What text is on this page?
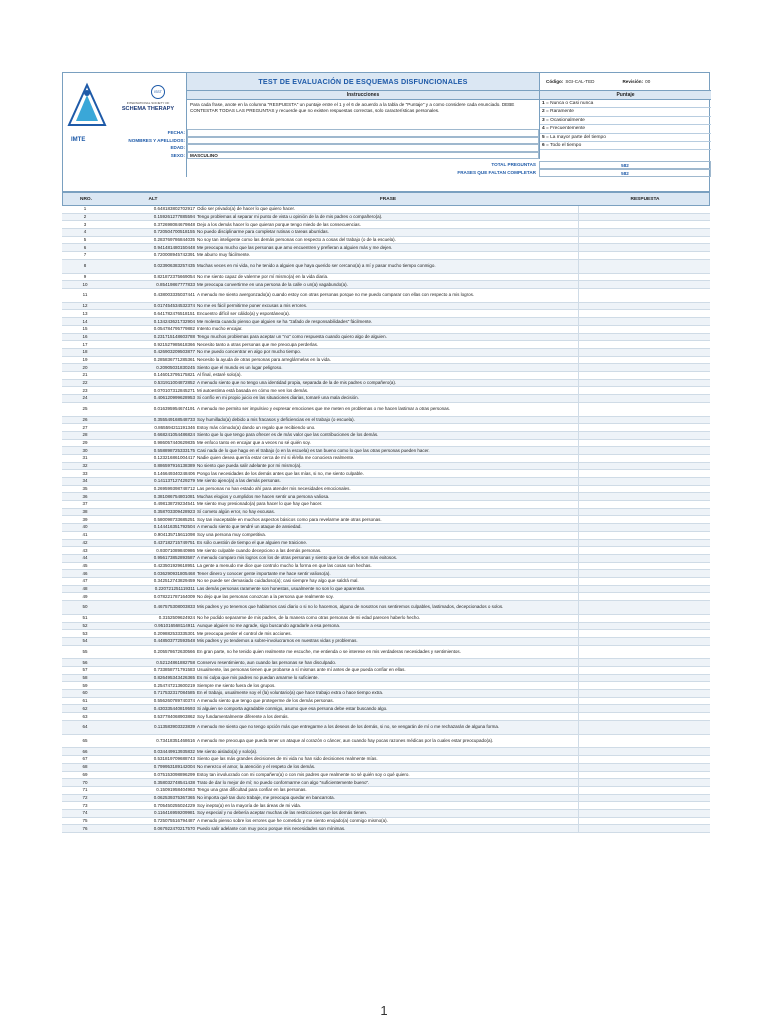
IMTE
ISST
INTERNATIONAL SOCIETY OF
SCHEMA THERAPY
TEST DE EVALUACIÓN DE ESQUEMAS DISFUNCIONALES	Código: SGI-CAL-TED	Revisión: 00
Instrucciones	Puntaje
Para cada frase, anote en la columna "RESPUESTA" un puntaje entre el 1 y el 6 de acuerdo a la tabla de "Puntaje" y a como considere cada enunciado. DEBE CONTESTAR TODAS LAS PREGUNTAS y recuerde que no existen respuestas correctas, solo características personales.
1 = Nunca o Casi nunca
2 = Raramente
3 = Ocasionalmente
4 = Frecuentemente
5 = La mayor parte del tiempo
6 = Todo el tiempo
FECHA:
NOMBRES Y APELLIDOS:
EDAD:
SEXO:	MASCULINO
TOTAL PREGUNTAS	582
FRASES QUE FALTAN COMPLETAR	582
NRO.	ALT	FRASE	RESPUESTA
1	0.648183802702917 Odio ser privado(a) de hacer lo que quiero hacer.
2	0.159261277885594 Tengo problemas al separar mi punto de vista u opinión de la de mis padres o compañero(a).
3	0.372698084679848 Dejo a los demás hacer lo que quieran porque tengo miedo de las consecuencias.
4	0.720504700518155 No puedo disciplinarme para completar rutinas o tareas aburridas.
5	0.283769786844035 No soy tan inteligente como las demás personas con respecto a cosas del trabajo (o de la escuela).
6	0.941481480150448 Me preocupa mucho que las personas que amo encuentren y prefieran a alguien más y me dejen.
7	0.720008945742391 Me aburro muy fácilmente.
8	0.023906383257435 Muchas veces en mi vida, no he tenido a alguien que haya querido ser cercano(a) a mí y pasar mucho tiempo conmigo.
9	0.821872375669054 No me siento capaz de valerme por mí mismo(a) en la vida diaria.
10	0.85419867777833 Me preocupa convertirme en una persona de la calle o un(a) vagabundo(a).
11	0.438003335037441 A menudo me siento avergonzado(a) cuando estoy con otras personas porque no me puedo comparar con ellas con respecto a mis logros.
12	0.017454534532374 No me es fácil permitirme poner excusas a mis errores.
13	0.641782476518151 Encuentro difícil ser cálido(a) y espontáneo(a).
14	0.134243621732904 Me molesta cuando pienso que alguien se ha "zafado de responsabilidades" fácilmente.
15	0.054784795779882 Intento mucho encajar.
16	0.231715148603788 Tengo muchos problemas para aceptar un "no" como respuesta cuando quiero algo de alguien.
17	0.921527985618366 Necesito tanto a otras personas que me preocupa perderlas.
18	0.426903209503877 No me puedo concentrar en algo por mucho tiempo.
19	0.285836771285361 Necesito la ayuda de otras personas para arreglármelas en la vida.
20	0.20905031830245 Siento que el mundo es un lugar peligroso.
21	0.146013795175821 Al final, estaré solo(a).
22	0.531911004872852 A menudo siento que no tengo una identidad propia, separada de la de mis padres o compañero(a).
23	0.070107312845271 Mi autoestima está basada en cómo me ven los demás.
24	0.406120999628953 Si confío en mi propio juicio en las situaciones diarias, tomaré una mala decisión.
25	0.016395954674191 A menudo me permito ser impulsivo y expresar emociones que me meten en problemas o me hacen lastimar a otras personas.
26	0.355549168548733 Soy humillado(a) debido a mis fracasos y deficiencias en el trabajo (o escuela).
27	0.865594211191346 Estoy más cómodo(a) dando un regalo que recibiendo uno.
28	0.668241054486824 Siento que lo que tengo para ofrecer es de más valor que las contribuciones de los demás.
29	0.986057440629835 Me enfoco tanto en encajar que a veces no sé quién soy.
30	0.558898725333175 Casi nada de lo que hago en el trabajo (o en la escuela) es tan bueno como lo que las otras personas pueden hacer.
31	0.123216861004417 Nadie quien desea querría estar cerca de mí si él/ella me conociera realmente.
32	0.886597916138389 No siento que pueda salir adelante por mi mismo(a).
33	0.146649340248406 Pongo las necesidades de los demás antes que las mías, si no, me siento culpable.
34	0.141137127429279 Me siento ajeno(a) a las demás personas.
35	0.269599398748712 Las personas no han estado ahí para atender mis necesidades emocionales.
36	0.381086754801081 Muchas elogios y cumplidos me hacen sentir una persona valiosa.
37	0.498138729234541 Me siento muy presionado(a) para hacer lo que hay que hacer.
38	0.358703309428923 Sí cometo algún error, no hay excusas.
39	0.580098733685251 Soy tan inaceptable en muchos aspectos básicos como para revelarme ante otras personas.
40	0.144416351792504 A menudo siento que tendré un ataque de ansiedad.
41	0.904135715611098 Soy una persona muy competitiva.
42	0.437182715749751 Es sólo cuestión de tiempo el que alguien me traicione.
43	0.93071089840986 Me siento culpable cuando decepciono a las demás personas.
44	0.956173852893587 A menudo comparo mis logros con los de otras personas y siento que los de ellos son más exitosos.
45	0.423501929618951 La gente a menudo me dice que controlo mucho la forma en que las cosas son hechas.
46	0.036290931805468 Tener dinero y conocer gente importante me hace sentir valioso(a).
47	0.342512743829459 No se puede ser demasiado cuidadoso(a); casi siempre hay algo que saldrá mal.
48	0.220721251119311 Las demás personas raramente son honestas, usualmente no son lo que aparentan.
49	0.078221787164009 No dejo que las personas conozcan a la persona que realmente soy.
50	0.467575308003833 Mis padres y yo tenemos que hablarnos casi diario o si no lo hacemos, alguno de nosotros nos sentiremos culpables, lastimados, decepcionados o solos.
51	0.3152509624924 No he podido separarme de mis padres, de la manera como otras personas de mi edad parecen haberlo hecho.
52	0.951016568114911 Aunque alguien no me agrade, sigo buscando agradarle a esa persona.
53	0.209882533335301 Me preocupa perder el control de mis acciones.
54	0.448503772593548 Mis padres y yo tendemos a sobre-involucrarnos en nuestras vidas y problemas.
55	0.205578672630566 En gran parte, no he tenido quien realmente me escuche, me entienda o se interese en mis verdaderas necesidades y sentimientos.
56	0.52124861882758 Conservo resentimiento, aun cuando las personas se han disculpado.
57	0.733858771791583 Usualmente, las personas tienen que probarse a sí mismas ante mí antes de que pueda confiar en ellas.
58	0.826495343426365 Es mi culpa que mis padres no puedan amarme lo suficiente.
59	0.254747213600219 Siempre me siento fuera de los grupos.
60	0.717532317084585 En el trabajo, usualmente soy el (la) voluntario(a) que hace trabajo extra o hace tiempo extra.
61	0.556260789740374 A menudo siento que tengo que protegerme de los demás personas.
62	0.430335440819593 Si alguien se comporta agradable conmigo, asumo que esa persona debe estar buscando algo.
63	0.537784068903862 Soy fundamentalmente diferente a los demás.
64	0.113583903323839 A menudo me siento que no tengo opción más que entregarme a los deseos de los demás, si no, se vengarán de mí o me rechazarán de alguna forma.
65	0.73418351468616 A menudo me preocupa que pueda tener un ataque al corazón o cáncer, aun cuando hay pocas razones médicas por la cuales estar preocupado(a).
66	0.034449913935832 Me siento aislado(a) y solo(a).
67	0.531819709688743 Siento que las más grandes decisiones de mi vida no han sido decisiones realmente mías.
68	0.799953189142004 No merezco el amor, la atención y el respeto de los demás.
69	0.075153098896299 Estoy tan involucrado con mi compañero(a) o con mis padres que realmente no sé quién soy o qué quiero.
70	0.358032748541438 Trato de dar lo mejor de mí; no puedo conformarme con algo "suficientemente bueno".
71	0.15091958404963 Tengo una gran dificultad para confiar en las personas.
72	0.062539375367365 No importa qué tan duro trabaje, me preocupa quedar en bancarrota.
73	0.705450255024229 Soy inepto(a) en la mayoría de las áreas de mi vida.
74	0.116416959209981 Soy especial y no debería aceptar muchas de las restricciones que los demás tienen.
75	0.725075516794487 A menudo pienso sobre los errores que he cometido y me siento enojado(a) conmigo mismo(a).
76	0.067922470217570 Puedo salir adelante con muy poco porque mis necesidades son mínimas.
1
